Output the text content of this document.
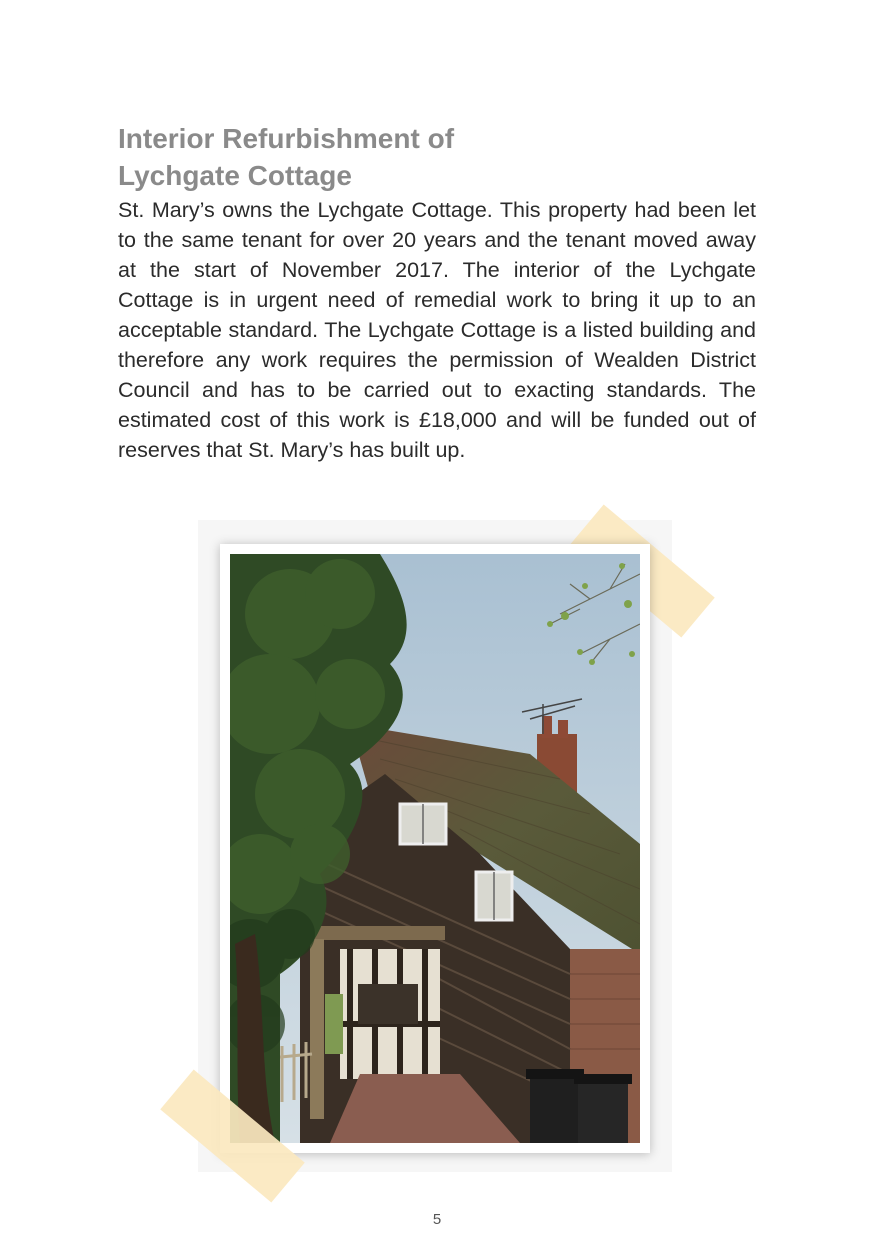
Interior Refurbishment of
Lychgate Cottage

St. Mary’s owns the Lychgate Cottage. This property had been let to the same tenant for over 20 years and the tenant moved away at the start of November 2017. The interior of the Lychgate Cottage is in urgent need of remedial work to bring it up to an acceptable standard. The Lychgate Cottage is a listed building and therefore any work requires the permission of Wealden District Council and has to be carried out to exacting standards. The estimated cost of this work is £18,000 and will be funded out of reserves that St. Mary’s has built up.

5
